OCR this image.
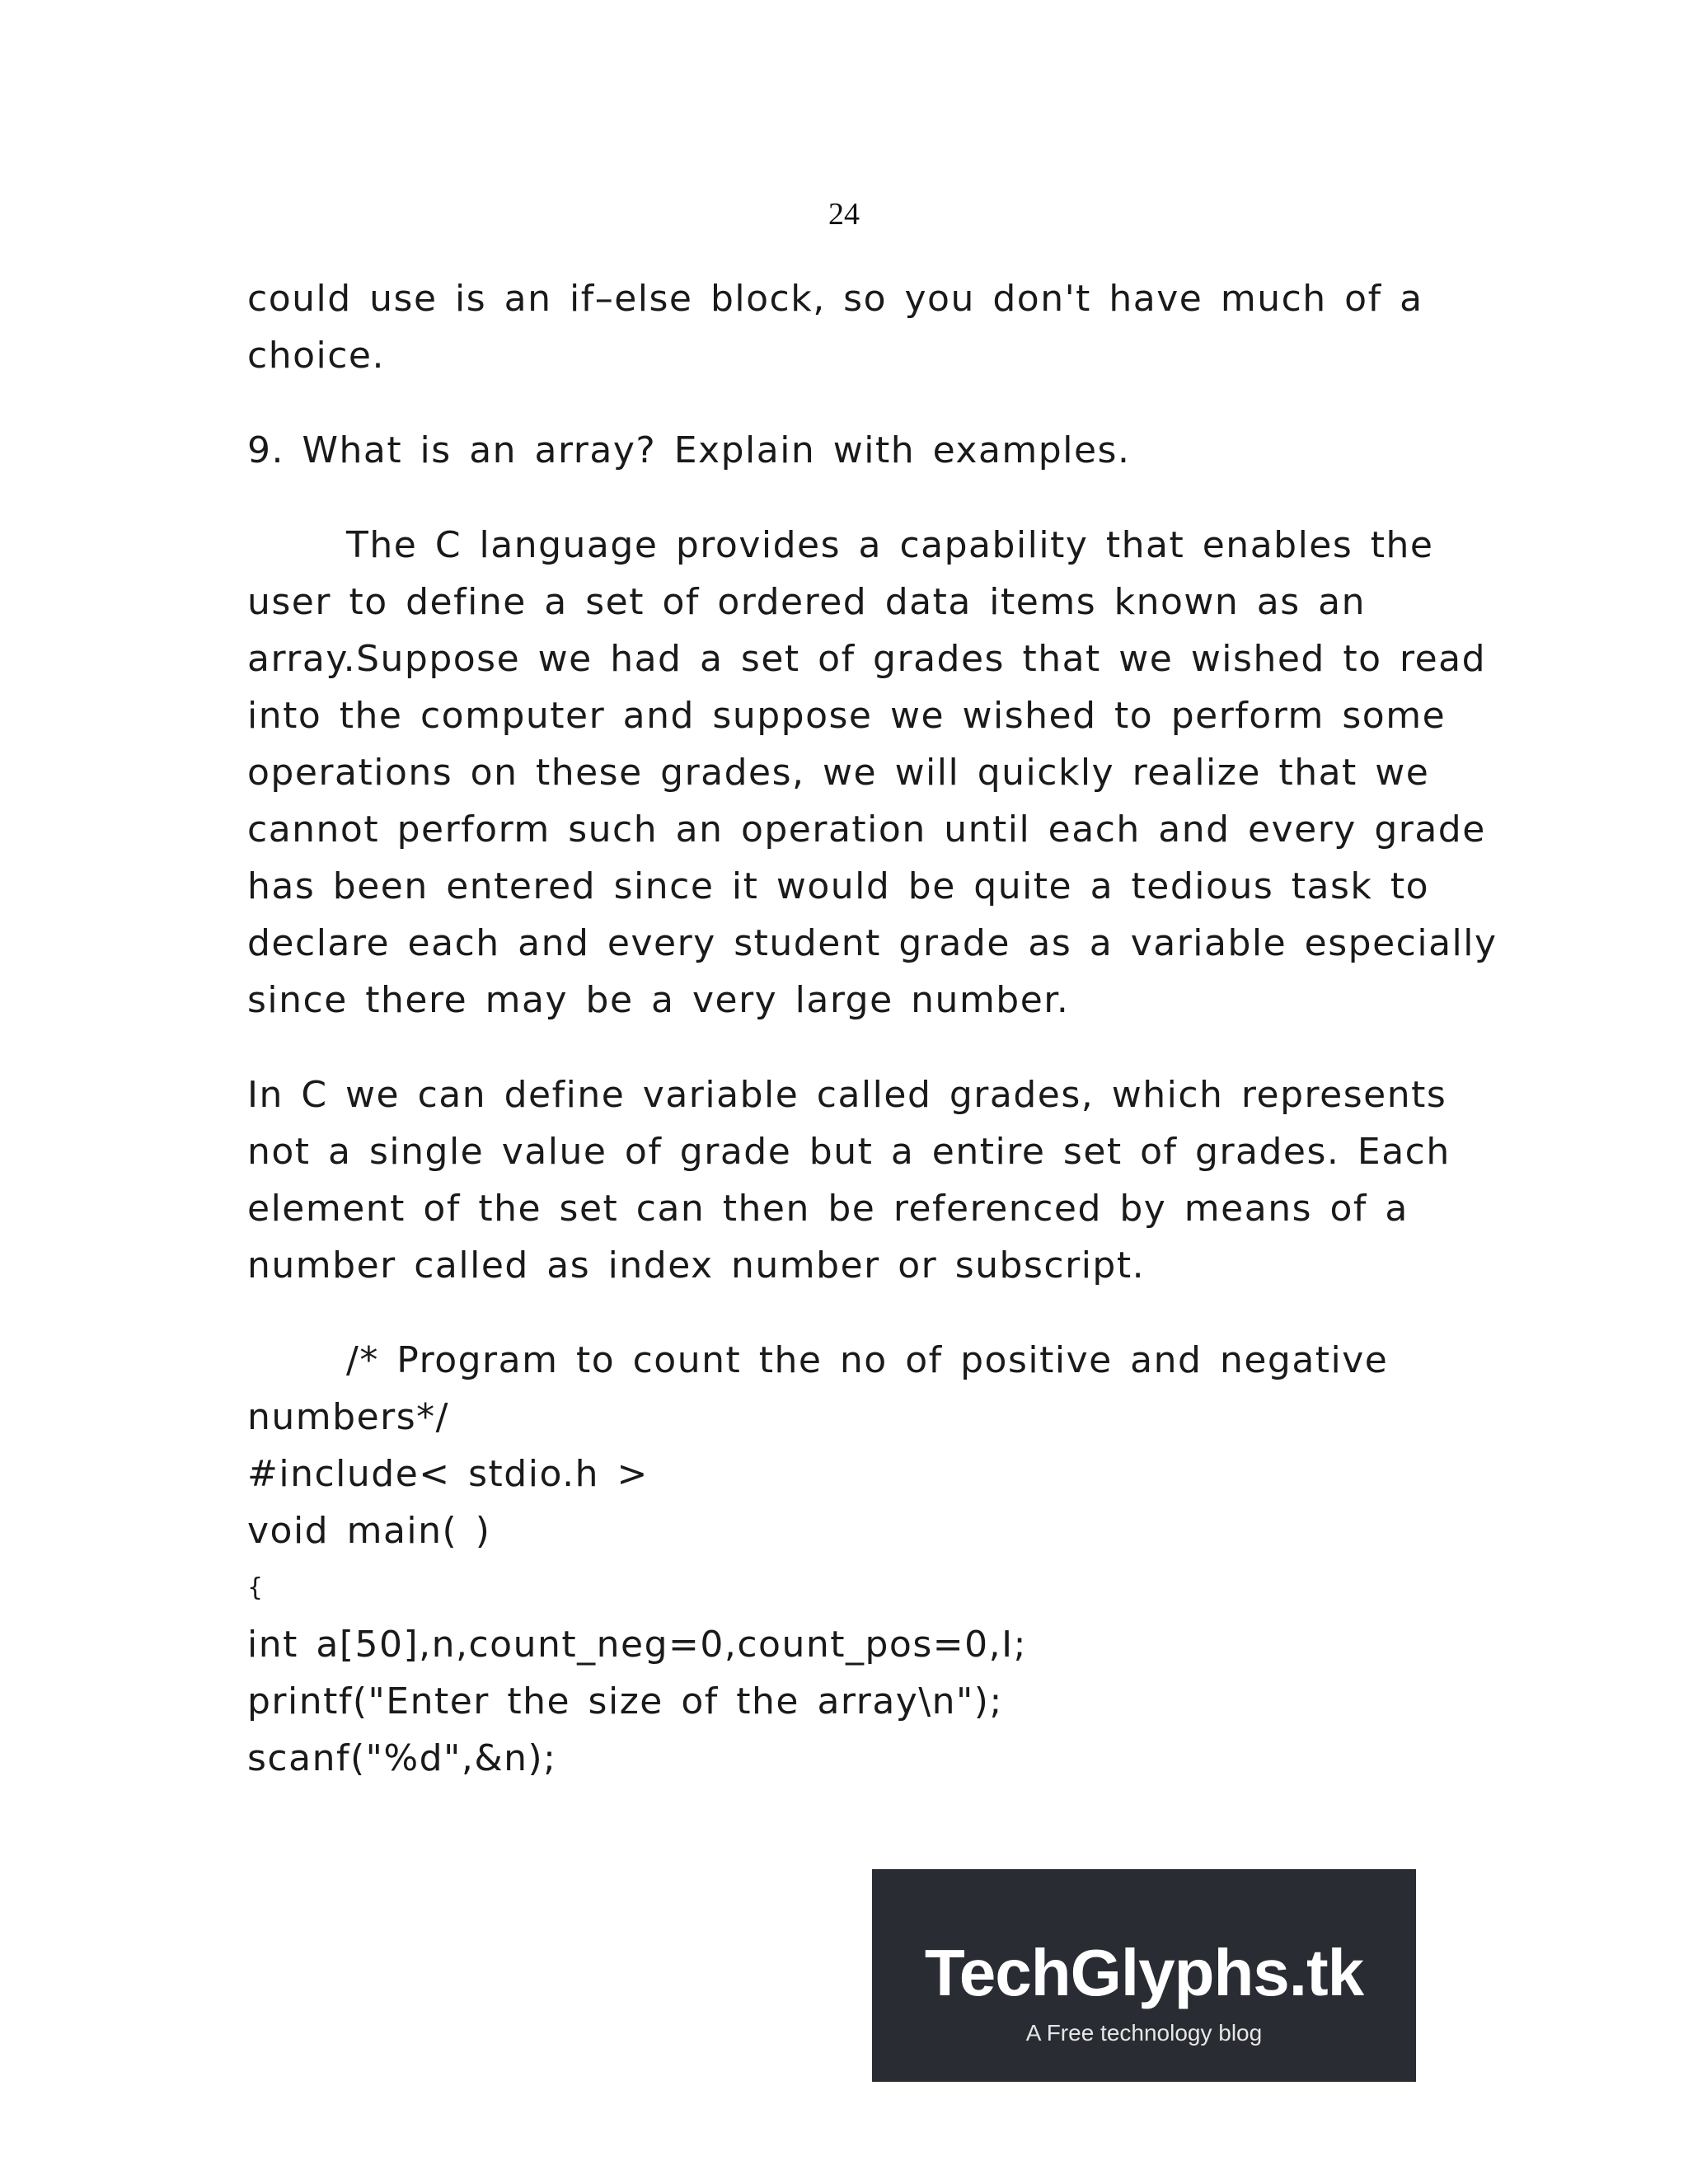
24
could use is an if–else block, so you don't have much of a
choice.
9. What is an array? Explain with examples.
The C language provides a capability that enables the
user to define a set of ordered data items known as an
array.Suppose we had a set of grades that we wished to read
into the computer and suppose we wished to perform some
operations on these grades, we will quickly realize that we
cannot perform such an operation until each and every grade
has been entered since it would be quite a tedious task to
declare each and every student grade as a variable especially
since there may be a very large number.
In C we can define variable called grades, which represents
not a single value of grade but a entire set of grades. Each
element of the set can then be referenced by means of a
number called as index number or subscript.
/* Program to count the no of positive and negative
numbers*/
#include< stdio.h >
void main( )
{
int a[50],n,count_neg=0,count_pos=0,I;
printf("Enter the size of the array\n");
scanf("%d",&n);
TechGlyphs.tk
A Free technology blog
